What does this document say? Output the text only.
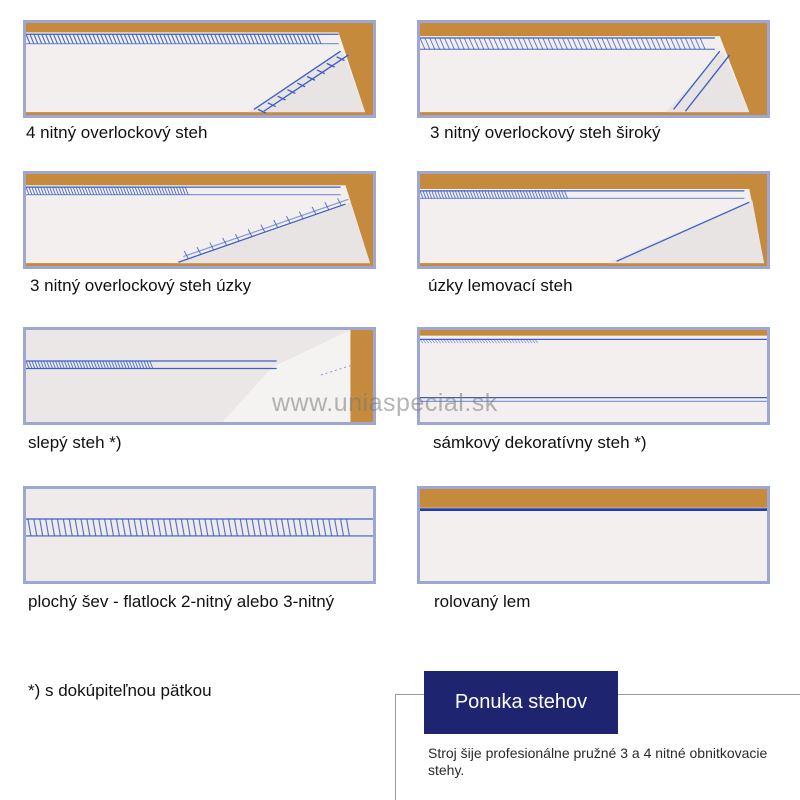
4 nitný overlockový steh	3 nitný overlockový steh široký
3 nitný overlockový steh úzky	úzky lemovací steh
slepý steh *)	sámkový dekoratívny steh *)
plochý šev - flatlock 2-nitný alebo 3-nitný	rolovaný lem
www.uniaspecial.sk
*) s dokúpiteľnou pätkou
Ponuka stehov
Stroj šije profesionálne pružné 3 a 4 nitné obnitkovacie stehy.
